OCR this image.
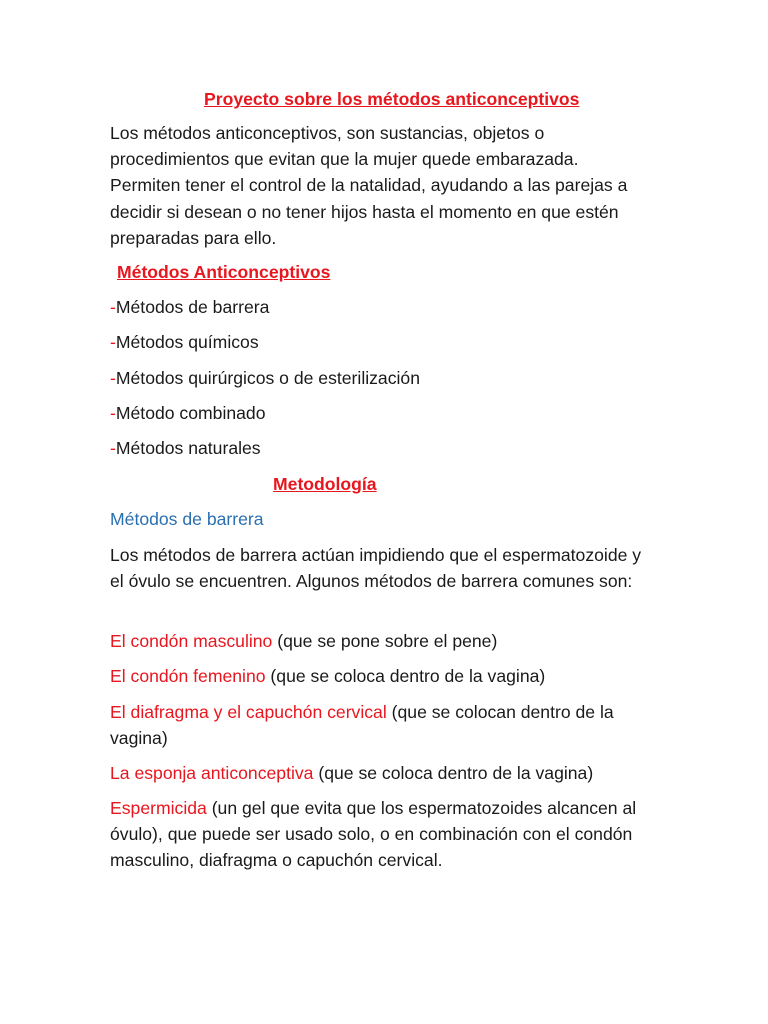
Proyecto sobre los métodos anticonceptivos

Los métodos anticonceptivos, son sustancias, objetos o procedimientos que evitan que la mujer quede embarazada. Permiten tener el control de la natalidad, ayudando a las parejas a decidir si desean o no tener hijos hasta el momento en que estén preparadas para ello.

Métodos Anticonceptivos

-Métodos de barrera

-Métodos químicos

-Métodos quirúrgicos o de esterilización

-Método combinado

-Métodos naturales

Metodología

Métodos de barrera

Los métodos de barrera actúan impidiendo que el espermatozoide y el óvulo se encuentren. Algunos métodos de barrera comunes son:

El condón masculino (que se pone sobre el pene)

El condón femenino (que se coloca dentro de la vagina)

El diafragma y el capuchón cervical (que se colocan dentro de la vagina)

La esponja anticonceptiva (que se coloca dentro de la vagina)

Espermicida (un gel que evita que los espermatozoides alcancen al óvulo), que puede ser usado solo, o en combinación con el condón masculino, diafragma o capuchón cervical.
